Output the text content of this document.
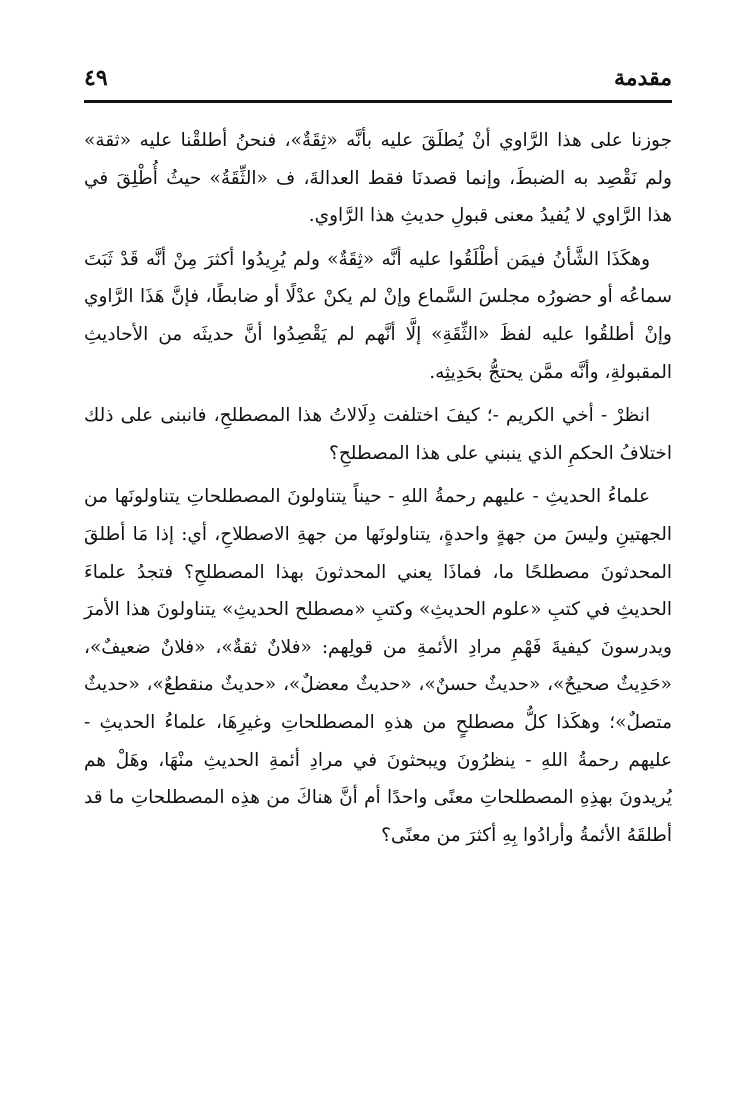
مقدمة
٤٩

جوزنا على هذا الرَّاوي أنْ يُطلَقَ عليه بأنَّه «ثِقَةٌ»، فنحنُ أطلقْنا عليه «ثقة» ولم نَقْصِد به الضبطَ، وإنما قصدنَا فقط العدالةَ، ف «الثِّقَةُ» حيثُ أُطْلِقَ في هذا الرَّاوي لا يُفيدُ معنى قبولِ حديثِ هذا الرَّاوي.

وهكَذَا الشَّأنُ فيمَن أطْلَقُوا عليه أنَّه «ثِقَةٌ» ولم يُرِيدُوا أكثرَ مِنْ أنَّه قَدْ ثَبَتَ سماعُه أو حضورُه مجلسَ السَّماع وإنْ لم يكنْ عدْلًا أو ضابطًا، فإنَّ هَذَا الرَّاوي وإنْ أطلقُوا عليه لفظَ «الثِّقَةِ» إلَّا أنَّهم لم يَقْصِدُوا أنَّ حديثَه من الأحاديثِ المقبولةِ، وأنَّه ممَّن يحتجُّ بحَدِيثِه.

انظرْ - أخي الكريم -؛ كيفَ اختلفت دِلَالاتُ هذا المصطلحِ، فانبنى على ذلك اختلافُ الحكمِ الذي ينبني على هذا المصطلحِ؟

علماءُ الحديثِ - عليهم رحمةُ اللهِ - حيناً يتناولونَ المصطلحاتِ يتناولونَها من الجهتينِ وليسَ من جهةٍ واحدةٍ، يتناولونَها من جهةِ الاصطلاحِ، أي: إذا مَا أطلقَ المحدثونَ مصطلحًا ما، فماذَا يعني المحدثونَ بهذا المصطلحِ؟ فتجدُ علماءَ الحديثِ في كتبِ «علوم الحديثِ» وكتبِ «مصطلح الحديثِ» يتناولونَ هذا الأمرَ ويدرسونَ كيفيةَ فَهْمِ مرادِ الأئمةِ من قولِهم: «فلانٌ ثقةٌ»، «فلانٌ ضعيفٌ»، «حَدِيثٌ صحيحٌ»، «حديثٌ حسنٌ»، «حديثٌ معضلٌ»، «حديثٌ منقطعٌ»، «حديثٌ متصلٌ»؛ وهكَذا كلُّ مصطلحٍ من هذهِ المصطلحاتِ وغيرِهَا، علماءُ الحديثِ - عليهم رحمةُ اللهِ - ينظرُونَ ويبحثونَ في مرادِ أئمةِ الحديثِ منْهَا، وهَلْ هم يُريدونَ بهذِهِ المصطلحاتِ معنًى واحدًا أم أنَّ هناكَ من هذِه المصطلحاتِ ما قد أطلقَهُ الأئمةُ وأرادُوا بِهِ أكثرَ من معنًى؟
